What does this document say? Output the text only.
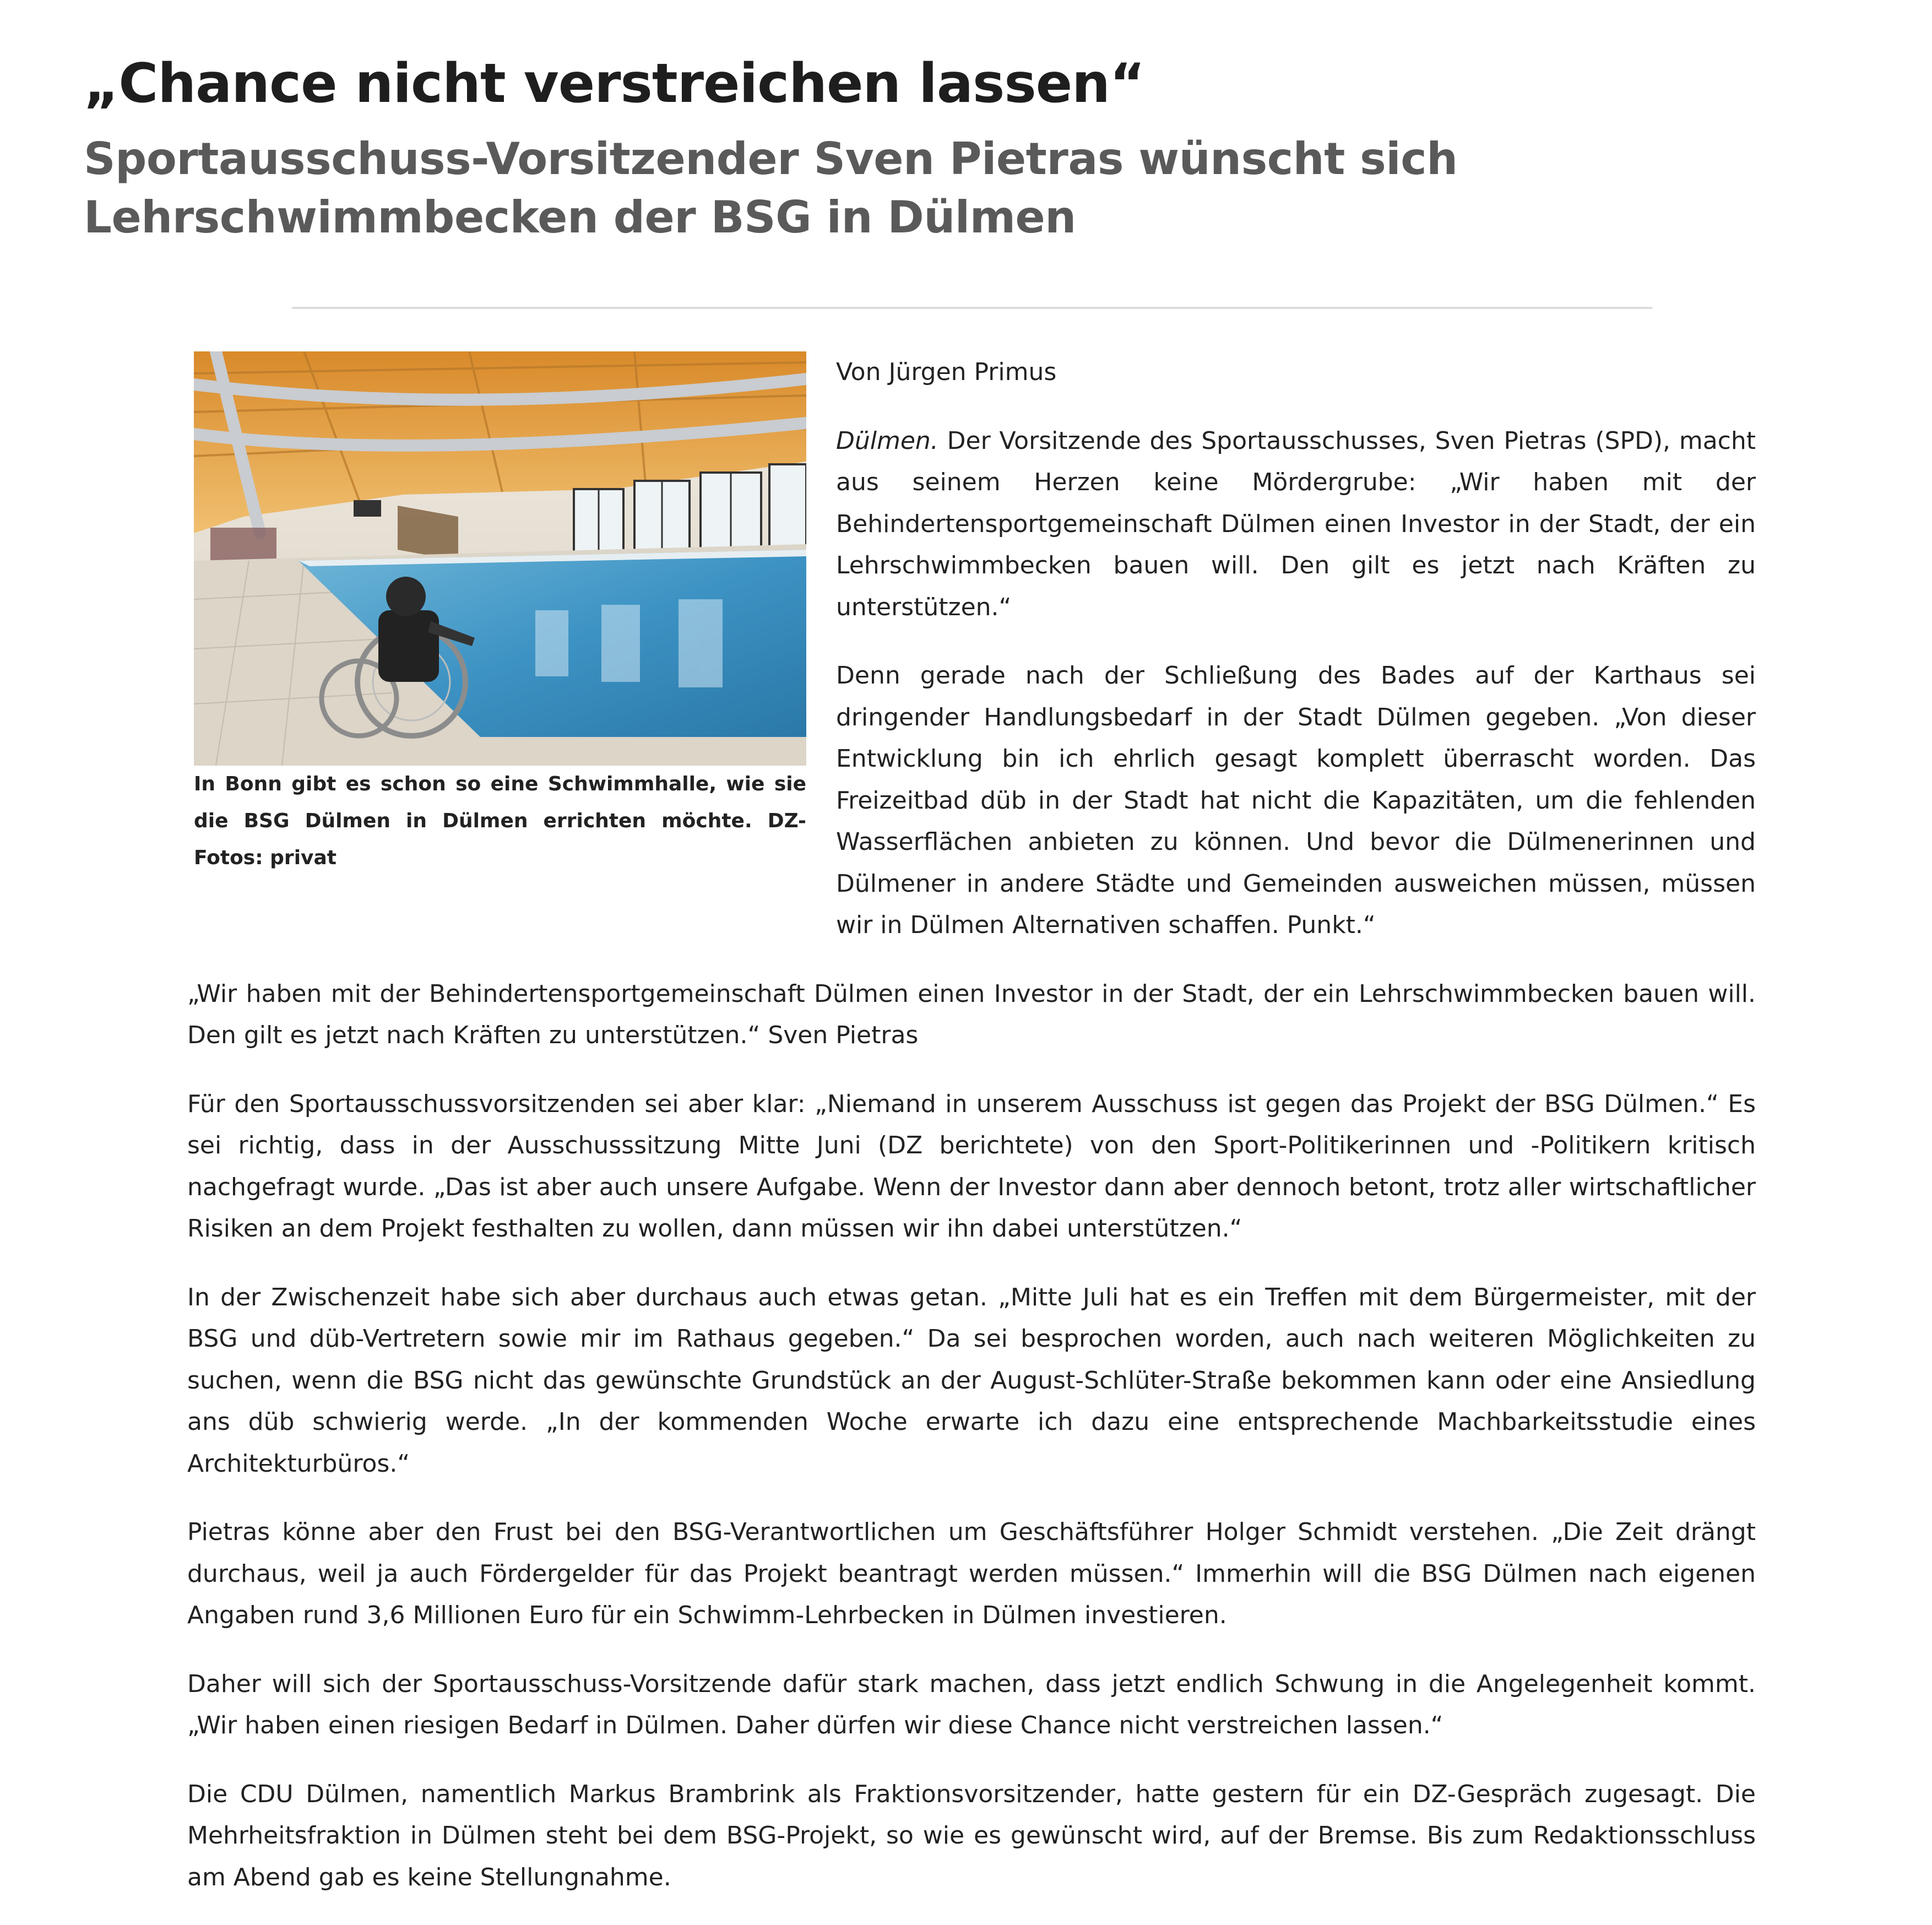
„Chance nicht verstreichen lassen“
Sportausschuss-Vorsitzender Sven Pietras wünscht sich Lehrschwimmbecken der BSG in Dülmen

In Bonn gibt es schon so eine Schwimmhalle, wie sie die BSG Dülmen in Dülmen errichten möchte. DZ-Fotos: privat

Von Jürgen Primus

Dülmen. Der Vorsitzende des Sportausschusses, Sven Pietras (SPD), macht aus seinem Herzen keine Mördergrube: „Wir haben mit der Behindertensportgemeinschaft Dülmen einen Investor in der Stadt, der ein Lehrschwimmbecken bauen will. Den gilt es jetzt nach Kräften zu unterstützen.“

Denn gerade nach der Schließung des Bades auf der Karthaus sei dringender Handlungsbedarf in der Stadt Dülmen gegeben. „Von dieser Entwicklung bin ich ehrlich gesagt komplett überrascht worden. Das Freizeitbad düb in der Stadt hat nicht die Kapazitäten, um die fehlenden Wasserflächen anbieten zu können. Und bevor die Dülmenerinnen und Dülmener in andere Städte und Gemeinden ausweichen müssen, müssen wir in Dülmen Alternativen schaffen. Punkt.“

„Wir haben mit der Behindertensportgemeinschaft Dülmen einen Investor in der Stadt, der ein Lehrschwimmbecken bauen will. Den gilt es jetzt nach Kräften zu unterstützen.“ Sven Pietras

Für den Sportausschussvorsitzenden sei aber klar: „Niemand in unserem Ausschuss ist gegen das Projekt der BSG Dülmen.“ Es sei richtig, dass in der Ausschusssitzung Mitte Juni (DZ berichtete) von den Sport-Politikerinnen und -Politikern kritisch nachgefragt wurde. „Das ist aber auch unsere Aufgabe. Wenn der Investor dann aber dennoch betont, trotz aller wirtschaftlicher Risiken an dem Projekt festhalten zu wollen, dann müssen wir ihn dabei unterstützen.“

In der Zwischenzeit habe sich aber durchaus auch etwas getan. „Mitte Juli hat es ein Treffen mit dem Bürgermeister, mit der BSG und düb-Vertretern sowie mir im Rathaus gegeben.“ Da sei besprochen worden, auch nach weiteren Möglichkeiten zu suchen, wenn die BSG nicht das gewünschte Grundstück an der August-Schlüter-Straße bekommen kann oder eine Ansiedlung ans düb schwierig werde. „In der kommenden Woche erwarte ich dazu eine entsprechende Machbarkeitsstudie eines Architekturbüros.“

Pietras könne aber den Frust bei den BSG-Verantwortlichen um Geschäftsführer Holger Schmidt verstehen. „Die Zeit drängt durchaus, weil ja auch Fördergelder für das Projekt beantragt werden müssen.“ Immerhin will die BSG Dülmen nach eigenen Angaben rund 3,6 Millionen Euro für ein Schwimm-Lehrbecken in Dülmen investieren.

Daher will sich der Sportausschuss-Vorsitzende dafür stark machen, dass jetzt endlich Schwung in die Angelegenheit kommt. „Wir haben einen riesigen Bedarf in Dülmen. Daher dürfen wir diese Chance nicht verstreichen lassen.“

Die CDU Dülmen, namentlich Markus Brambrink als Fraktionsvorsitzender, hatte gestern für ein DZ-Gespräch zugesagt. Die Mehrheitsfraktion in Dülmen steht bei dem BSG-Projekt, so wie es gewünscht wird, auf der Bremse. Bis zum Redaktionsschluss am Abend gab es keine Stellungnahme.
